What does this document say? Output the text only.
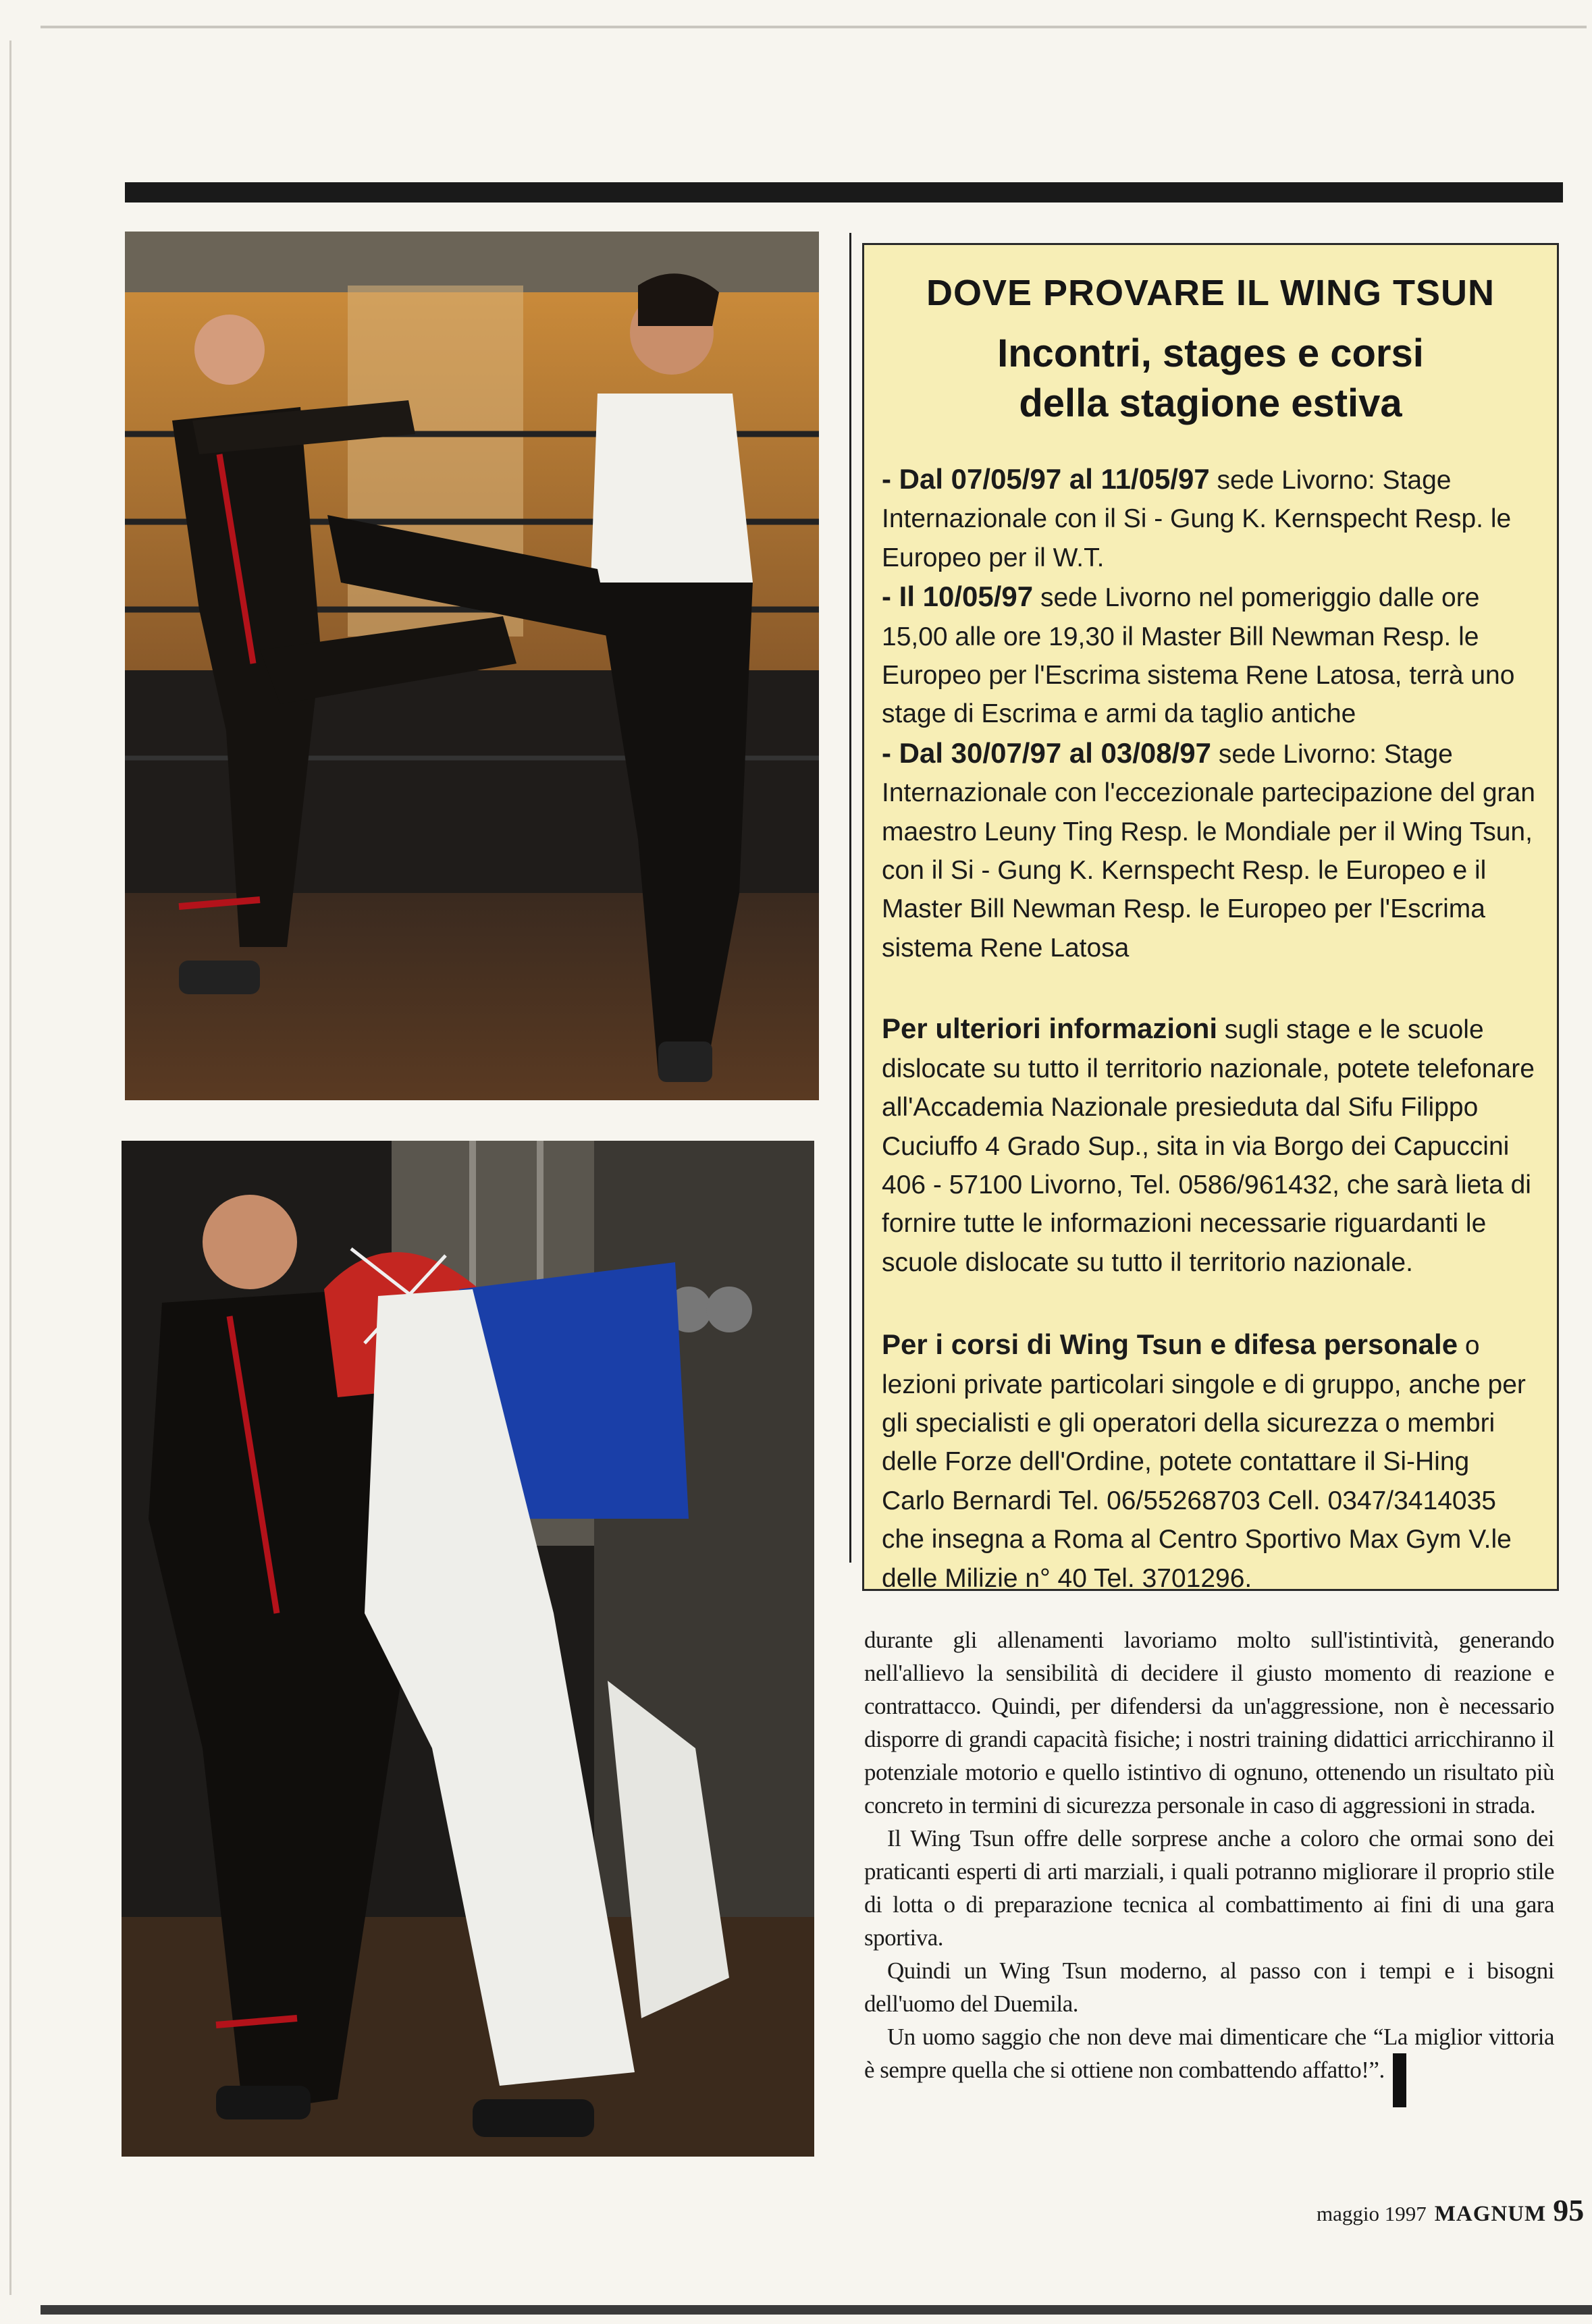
DOVE PROVARE IL WING TSUN
Incontri, stages e corsi
della stagione estiva
- Dal 07/05/97 al 11/05/97 sede Livorno: Stage Internazionale con il Si - Gung K. Kernspecht Resp. le Europeo per il W.T.
- Il 10/05/97 sede Livorno nel pomeriggio dalle ore 15,00 alle ore 19,30 il Master Bill Newman Resp. le Europeo per l'Escrima sistema Rene Latosa, terrà uno stage di Escrima e armi da taglio antiche
- Dal 30/07/97 al 03/08/97 sede Livorno: Stage Internazionale con l'eccezionale partecipazione del gran maestro Leuny Ting Resp. le Mondiale per il Wing Tsun, con il Si - Gung K. Kernspecht Resp. le Europeo e il Master Bill Newman Resp. le Europeo per l'Escrima sistema Rene Latosa
Per ulteriori informazioni sugli stage e le scuole dislocate su tutto il territorio nazionale, potete telefonare all'Accademia Nazionale presieduta dal Sifu Filippo Cuciuffo 4 Grado Sup., sita in via Borgo dei Capuccini 406 - 57100 Livorno, Tel. 0586/961432, che sarà lieta di fornire tutte le informazioni necessarie riguardanti le scuole dislocate su tutto il territorio nazionale.
Per i corsi di Wing Tsun e difesa personale o lezioni private particolari singole e di gruppo, anche per gli specialisti e gli operatori della sicurezza o membri delle Forze dell'Ordine, potete contattare il Si-Hing Carlo Bernardi Tel. 06/55268703 Cell. 0347/3414035 che insegna a Roma al Centro Sportivo Max Gym V.le delle Milizie n° 40 Tel. 3701296.

durante gli allenamenti lavoriamo molto sull'istintività, generando nell'allievo la sensibilità di decidere il giusto momento di reazione e contrattacco. Quindi, per difendersi da un'aggressione, non è necessario disporre di grandi capacità fisiche; i nostri training didattici arricchiranno il potenziale motorio e quello istintivo di ognuno, ottenendo un risultato più concreto in termini di sicurezza personale in caso di aggressioni in strada.

Il Wing Tsun offre delle sorprese anche a coloro che ormai sono dei praticanti esperti di arti marziali, i quali potranno migliorare il proprio stile di lotta o di preparazione tecnica al combattimento ai fini di una gara sportiva.

Quindi un Wing Tsun moderno, al passo con i tempi e i bisogni dell'uomo del Duemila.

Un uomo saggio che non deve mai dimenticare che “La miglior vittoria è sempre quella che si ottiene non combattendo affatto!”.

maggio 1997 MAGNUM 95
